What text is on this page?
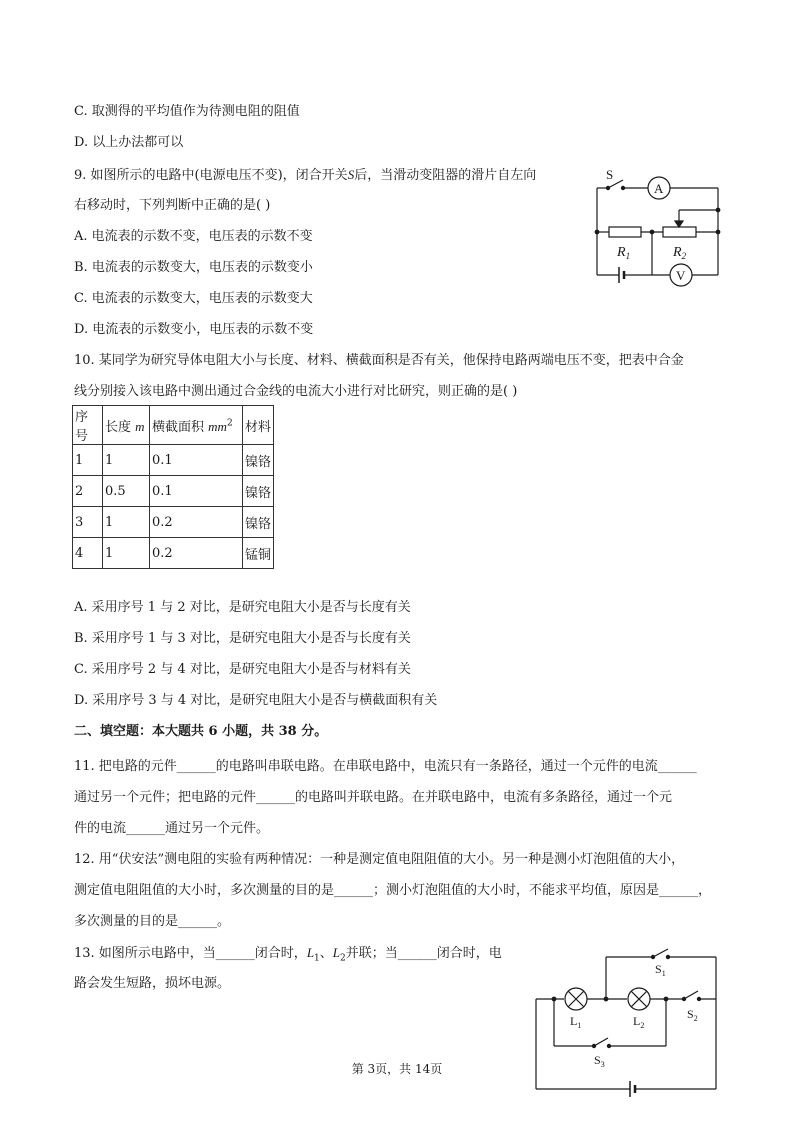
C. 取测得的平均值作为待测电阻的阻值
D. 以上办法都可以
9. 如图所示的电路中(电源电压不变)，闭合开关S后，当滑动变阻器的滑片自左向
右移动时，下列判断中正确的是( )
A. 电流表的示数不变，电压表的示数不变
B. 电流表的示数变大，电压表的示数变小
C. 电流表的示数变大，电压表的示数变大
D. 电流表的示数变小，电压表的示数不变
S
A
V
$R_1$	$R_2$
10. 某同学为研究导体电阻大小与长度、材料、横截面积是否有关，他保持电路两端电压不变，把表中合金
线分别接入该电路中测出通过合金线的电流大小进行对比研究，则正确的是( )
序号	长度 m	横截面积 $mm^2$	材料
1	1	0.1	镍铬
2	0.5	0.1	镍铬
3	1	0.2	镍铬
4	1	0.2	锰铜
A. 采用序号 1 与 2 对比，是研究电阻大小是否与长度有关
B. 采用序号 1 与 3 对比，是研究电阻大小是否与长度有关
C. 采用序号 2 与 4 对比，是研究电阻大小是否与材料有关
D. 采用序号 3 与 4 对比，是研究电阻大小是否与横截面积有关
二、填空题：本大题共 6 小题，共 38 分。
11. 把电路的元件______的电路叫串联电路。在串联电路中，电流只有一条路径，通过一个元件的电流______
通过另一个元件；把电路的元件______的电路叫并联电路。在并联电路中，电流有多条路径，通过一个元
件的电流______通过另一个元件。
12. 用“伏安法”测电阻的实验有两种情况：一种是测定值电阻阻值的大小。另一种是测小灯泡阻值的大小，
测定值电阻阻值的大小时，多次测量的目的是______；测小灯泡阻值的大小时，不能求平均值，原因是______，
多次测量的目的是______。
13. 如图所示电路中，当______闭合时，$L_1$、$L_2$并联；当______闭合时，电
路会发生短路，损坏电源。
$S_1$
$S_2$
$S_3$
$L_1$	$L_2$
第 3页，共 14页
